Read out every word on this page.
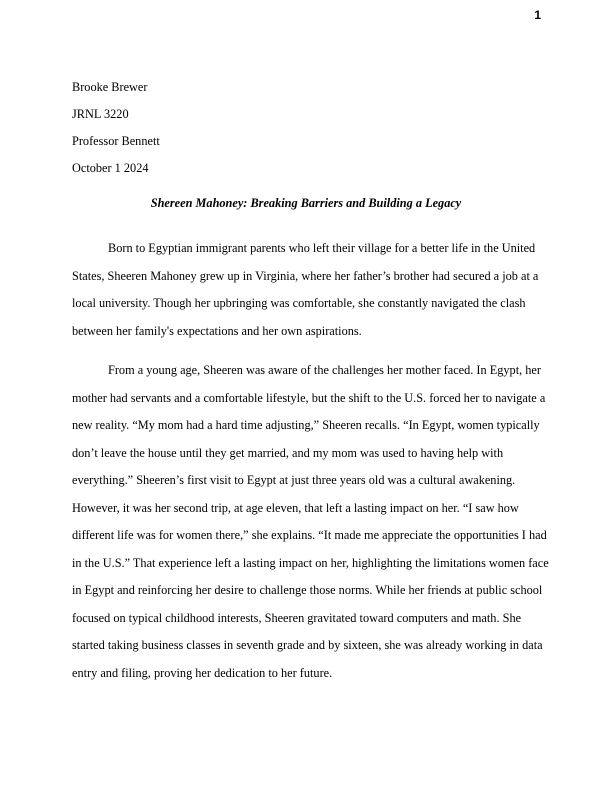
1
Brooke Brewer
JRNL 3220
Professor Bennett
October 1 2024
Shereen Mahoney: Breaking Barriers and Building a Legacy
Born to Egyptian immigrant parents who left their village for a better life in the United
States, Sheeren Mahoney grew up in Virginia, where her father’s brother had secured a job at a
local university. Though her upbringing was comfortable, she constantly navigated the clash
between her family's expectations and her own aspirations.
From a young age, Sheeren was aware of the challenges her mother faced. In Egypt, her
mother had servants and a comfortable lifestyle, but the shift to the U.S. forced her to navigate a
new reality. “My mom had a hard time adjusting,” Sheeren recalls. “In Egypt, women typically
don’t leave the house until they get married, and my mom was used to having help with
everything.” Sheeren’s first visit to Egypt at just three years old was a cultural awakening.
However, it was her second trip, at age eleven, that left a lasting impact on her. “I saw how
different life was for women there,” she explains. “It made me appreciate the opportunities I had
in the U.S.” That experience left a lasting impact on her, highlighting the limitations women face
in Egypt and reinforcing her desire to challenge those norms. While her friends at public school
focused on typical childhood interests, Sheeren gravitated toward computers and math. She
started taking business classes in seventh grade and by sixteen, she was already working in data
entry and filing, proving her dedication to her future.
